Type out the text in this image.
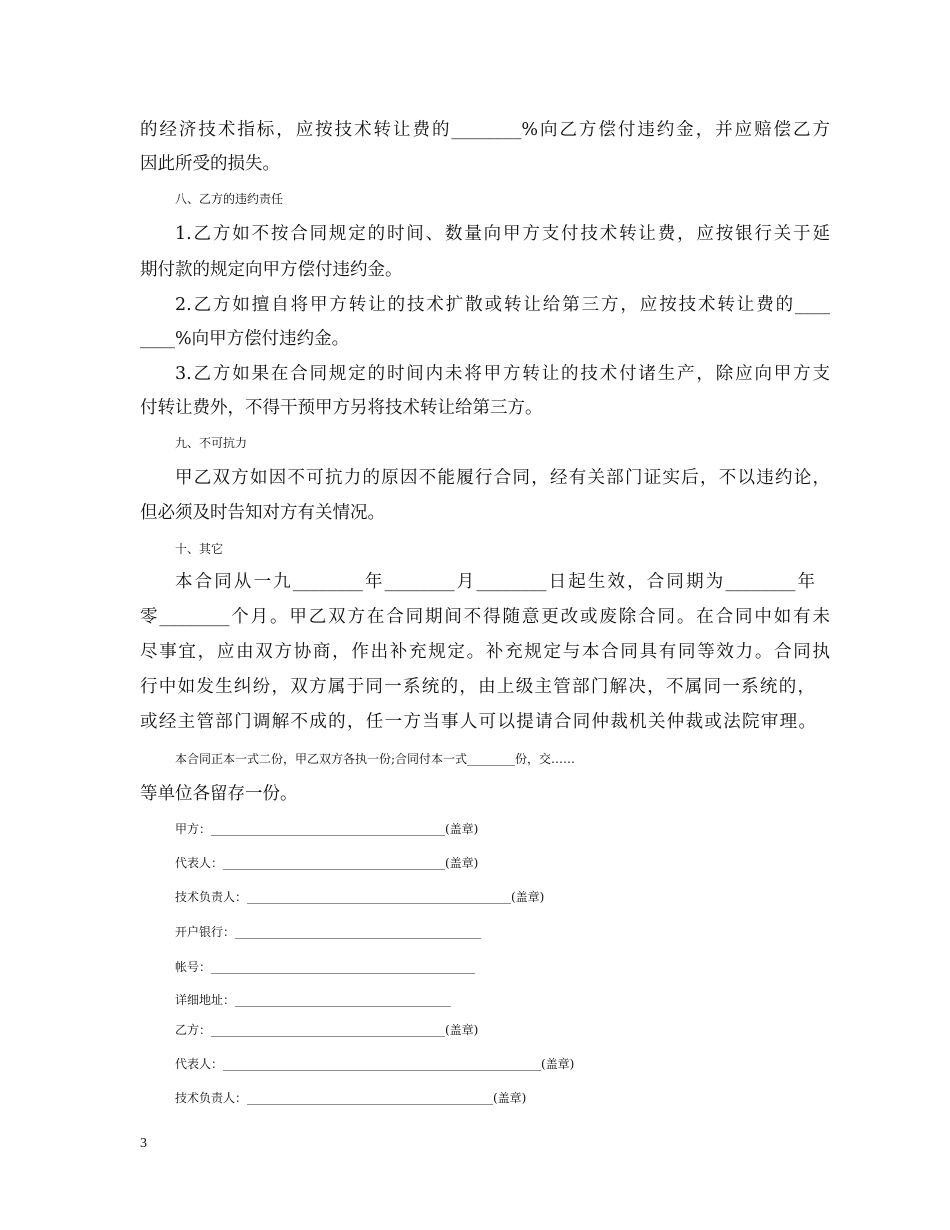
的经济技术指标，应按技术转让费的________%向乙方偿付违约金，并应赔偿乙方
因此所受的损失。
八、乙方的违约责任
1.乙方如不按合同规定的时间、数量向甲方支付技术转让费，应按银行关于延
期付款的规定向甲方偿付违约金。
2.乙方如擅自将甲方转让的技术扩散或转让给第三方，应按技术转让费的____
____%向甲方偿付违约金。
3.乙方如果在合同规定的时间内未将甲方转让的技术付诸生产，除应向甲方支
付转让费外，不得干预甲方另将技术转让给第三方。
九、不可抗力
甲乙双方如因不可抗力的原因不能履行合同，经有关部门证实后，不以违约论，
但必须及时告知对方有关情况。
十、其它
本合同从一九________年________月________日起生效，合同期为________年
零________个月。甲乙双方在合同期间不得随意更改或废除合同。在合同中如有未
尽事宜，应由双方协商，作出补充规定。补充规定与本合同具有同等效力。合同执
行中如发生纠纷，双方属于同一系统的，由上级主管部门解决，不属同一系统的，
或经主管部门调解不成的，任一方当事人可以提请合同仲裁机关仲裁或法院审理。
本合同正本一式二份，甲乙双方各执一份;合同付本一式________份，交……
等单位各留存一份。
甲方：_______________________________________(盖章)
代表人：_____________________________________(盖章)
技术负责人：____________________________________________(盖章)
开户银行：_________________________________________
帐号：____________________________________________
详细地址：____________________________________
乙方：_______________________________________(盖章)
代表人：_____________________________________________________(盖章)
技术负责人：_________________________________________(盖章)
3
